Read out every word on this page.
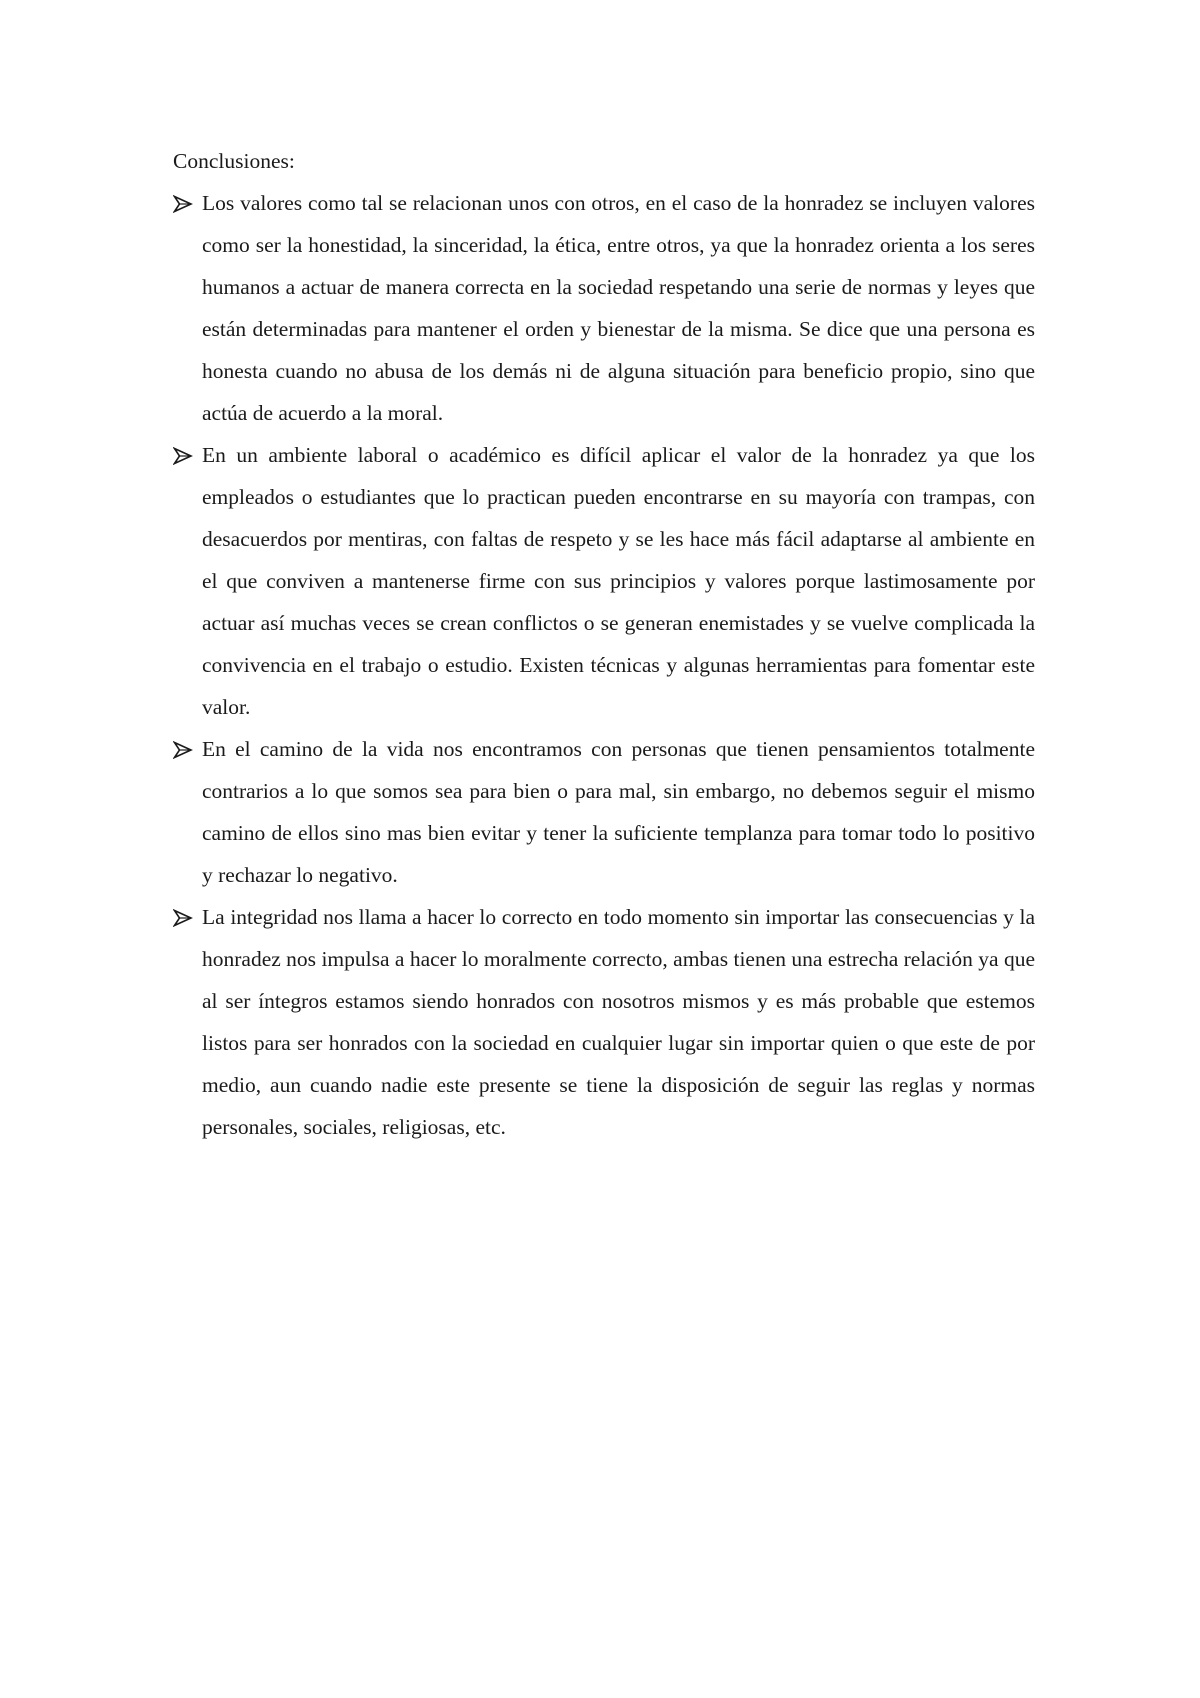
Conclusiones:

Los valores como tal se relacionan unos con otros, en el caso de la honradez se incluyen valores como ser la honestidad, la sinceridad, la ética, entre otros, ya que la honradez orienta a los seres humanos a actuar de manera correcta en la sociedad respetando una serie de normas y leyes que están determinadas para mantener el orden y bienestar de la misma. Se dice que una persona es honesta cuando no abusa de los demás ni de alguna situación para beneficio propio, sino que actúa de acuerdo a la moral.
En un ambiente laboral o académico es difícil aplicar el valor de la honradez ya que los empleados o estudiantes que lo practican pueden encontrarse en su mayoría con trampas, con desacuerdos por mentiras, con faltas de respeto y se les hace más fácil adaptarse al ambiente en el que conviven a mantenerse firme con sus principios y valores porque lastimosamente por actuar así muchas veces se crean conflictos o se generan enemistades y se vuelve complicada la convivencia en el trabajo o estudio. Existen técnicas y algunas herramientas para fomentar este valor.
En el camino de la vida nos encontramos con personas que tienen pensamientos totalmente contrarios a lo que somos sea para bien o para mal, sin embargo, no debemos seguir el mismo camino de ellos sino mas bien evitar y tener la suficiente templanza para tomar todo lo positivo y rechazar lo negativo.
La integridad nos llama a hacer lo correcto en todo momento sin importar las consecuencias y la honradez nos impulsa a hacer lo moralmente correcto, ambas tienen una estrecha relación ya que al ser íntegros estamos siendo honrados con nosotros mismos y es más probable que estemos listos para ser honrados con la sociedad en cualquier lugar sin importar quien o que este de por medio, aun cuando nadie este presente se tiene la disposición de seguir las reglas y normas personales, sociales, religiosas, etc.
